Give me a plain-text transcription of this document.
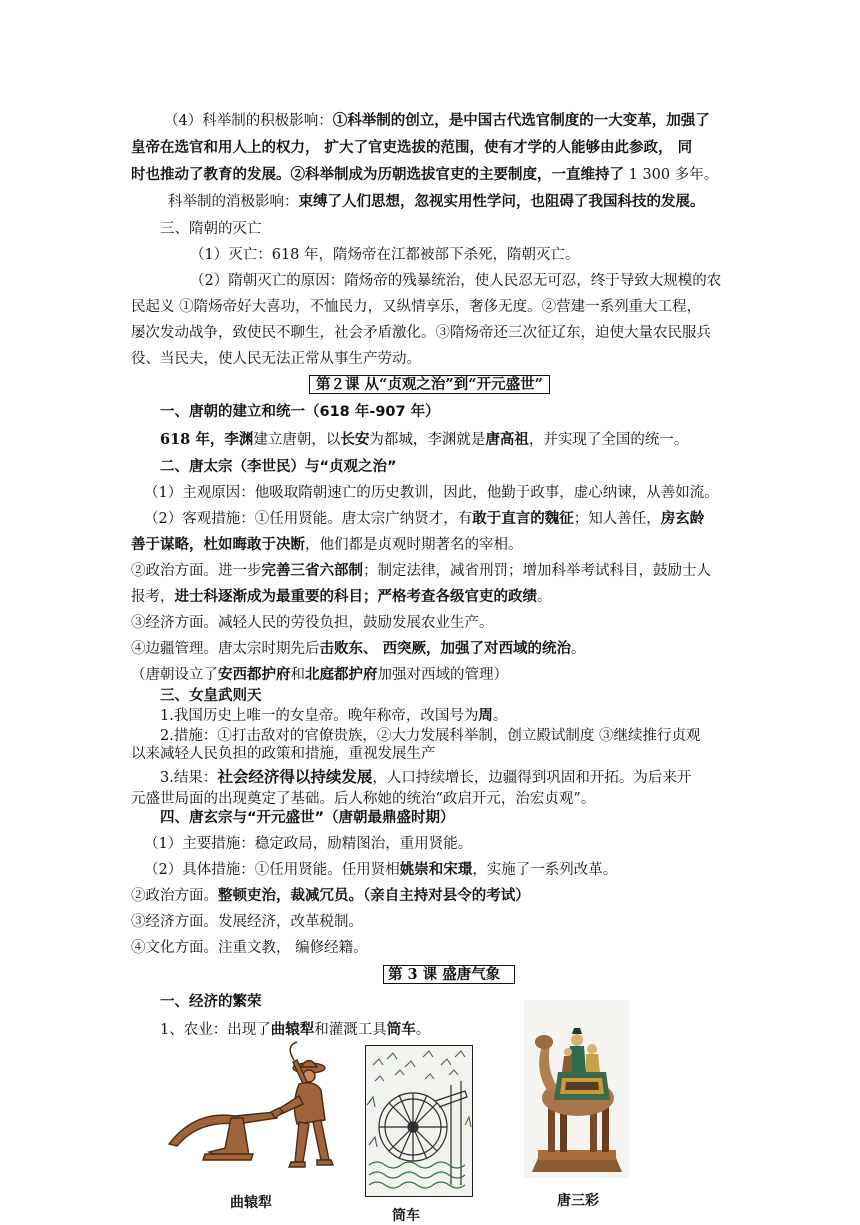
（4）科举制的积极影响：①科举制的创立，是中国古代选官制度的一大变革，加强了
皇帝在选官和用人上的权力， 扩大了官吏选拔的范围，使有才学的人能够由此参政， 同
时也推动了教育的发展。②科举制成为历朝选拔官吏的主要制度，一直维持了 1 300 多年。
科举制的消极影响：束缚了人们思想，忽视实用性学问，也阻碍了我国科技的发展。
三、隋朝的灭亡
（1）灭亡：618 年，隋炀帝在江都被部下杀死，隋朝灭亡。
（2）隋朝灭亡的原因：隋炀帝的残暴统治，使人民忍无可忍，终于导致大规模的农
民起义 ①隋炀帝好大喜功，不恤民力，又纵情享乐，奢侈无度。②营建一系列重大工程，
屡次发动战争，致使民不聊生，社会矛盾激化。③隋炀帝还三次征辽东，迫使大量农民服兵
役、当民夫，使人民无法正常从事生产劳动。
第２课 从“贞观之治”到“开元盛世”
一、唐朝的建立和统一（618 年-907 年）
618 年，李渊建立唐朝，以长安为都城，李渊就是唐高祖，并实现了全国的统一。
二、唐太宗（李世民）与“贞观之治”
（1）主观原因：他吸取隋朝速亡的历史教训，因此，他勤于政事，虚心纳谏，从善如流。
（2）客观措施：①任用贤能。唐太宗广纳贤才，有敢于直言的魏征；知人善任，房玄龄
善于谋略，杜如晦敢于决断，他们都是贞观时期著名的宰相。
②政治方面。进一步完善三省六部制；制定法律，减省刑罚；增加科举考试科目，鼓励士人
报考，进士科逐渐成为最重要的科目；严格考查各级官吏的政绩。
③经济方面。减轻人民的劳役负担，鼓励发展农业生产。
④边疆管理。唐太宗时期先后击败东、 西突厥，加强了对西域的统治。
（唐朝设立了安西都护府和北庭都护府加强对西域的管理）
三、女皇武则天
1.我国历史上唯一的女皇帝。晚年称帝，改国号为周。
2.措施：①打击敌对的官僚贵族，②大力发展科举制，创立殿试制度 ③继续推行贞观
以来减轻人民负担的政策和措施，重视发展生产
3.结果：社会经济得以持续发展，人口持续增长，边疆得到巩固和开拓。为后来开
元盛世局面的出现奠定了基础。后人称她的统治“政启开元，治宏贞观”。
四、唐玄宗与“开元盛世”（唐朝最鼎盛时期）
（1）主要措施：稳定政局，励精图治，重用贤能。
（2）具体措施：①任用贤能。任用贤相姚崇和宋璟，实施了一系列改革。
②政治方面。整顿吏治，裁减冗员。（亲自主持对县令的考试）
③经济方面。发展经济，改革税制。
④文化方面。注重文教， 编修经籍。
第 3 课 盛唐气象
一、经济的繁荣
1、农业：出现了曲辕犁和灌溉工具筒车。
曲辕犁
筒车
唐三彩
